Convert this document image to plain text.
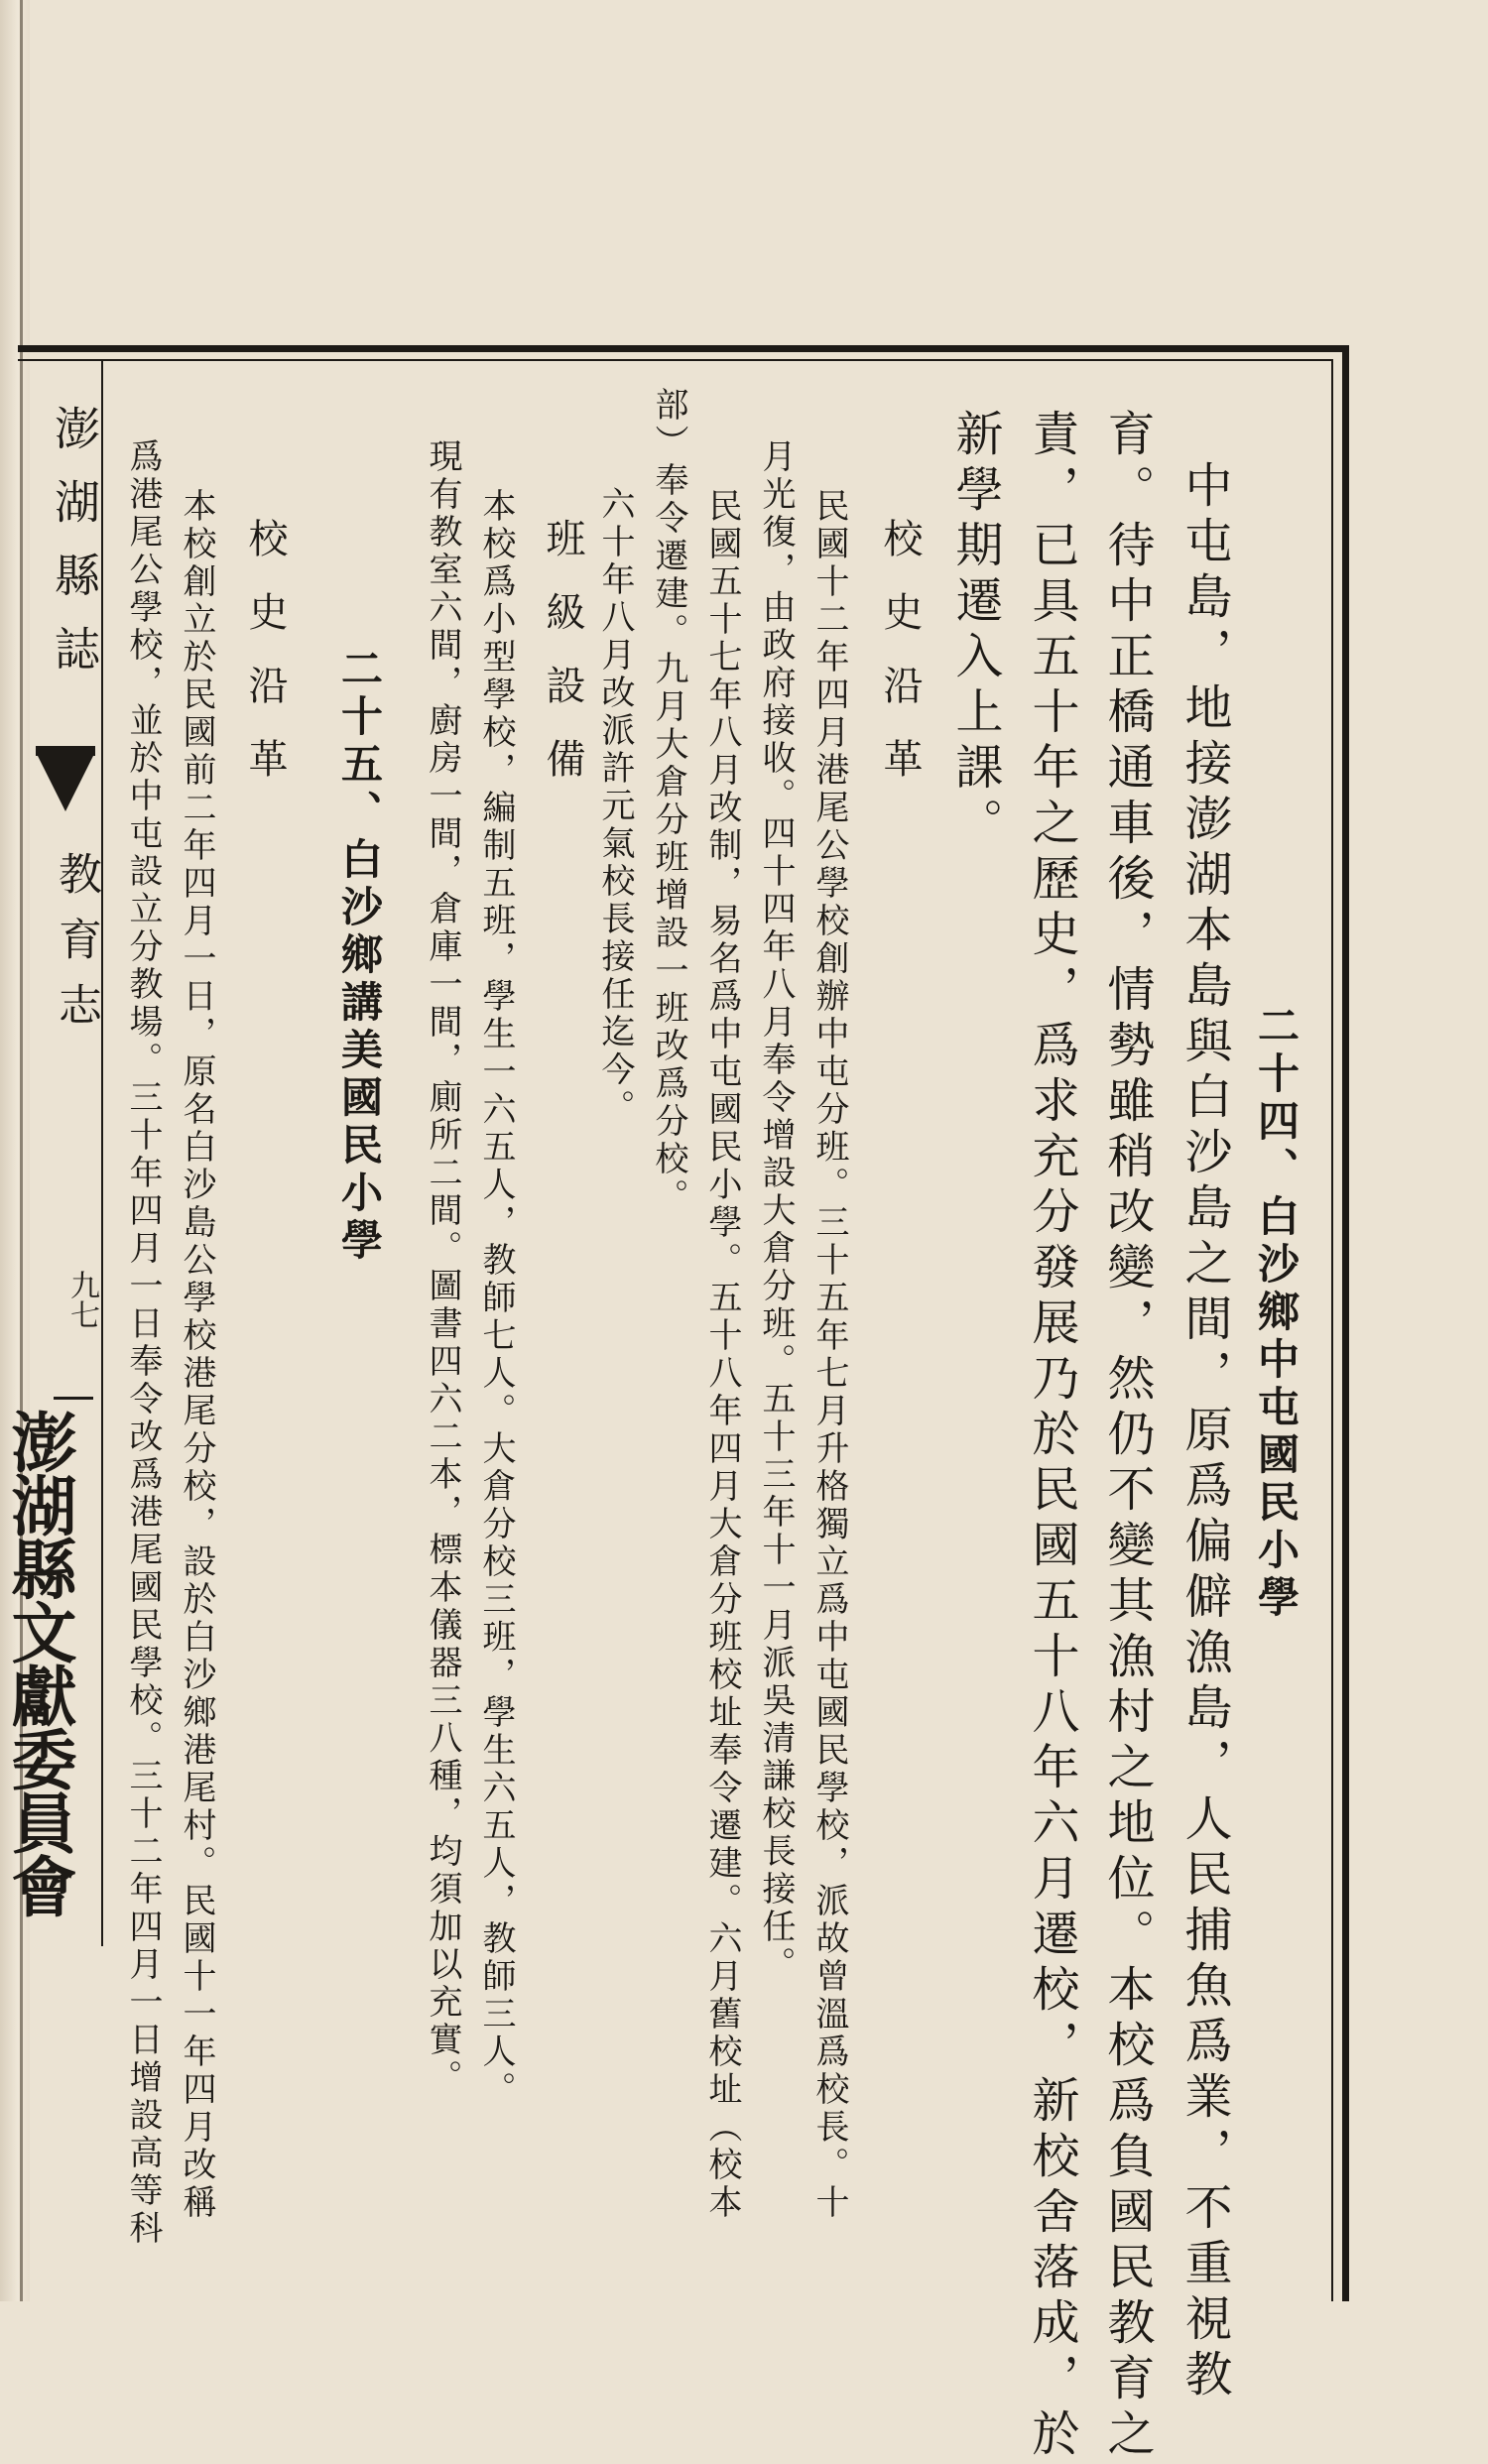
澎湖縣誌
教育志
九七
澎湖縣文獻委員會
二十四、白沙鄉中屯國民小學
中屯島，地接澎湖本島與白沙島之間，原爲偏僻漁島，人民捕魚爲業，不重視教
育。待中正橋通車後，情勢雖稍改變，然仍不變其漁村之地位。本校爲負國民教育之
責，已具五十年之歷史，爲求充分發展乃於民國五十八年六月遷校，新校舍落成，於
新學期遷入上課。
校史沿革
民國十二年四月港尾公學校創辦中屯分班。三十五年七月升格獨立爲中屯國民學校，派故曾溫爲校長。十
月光復，由政府接收。四十四年八月奉令增設大倉分班。五十三年十一月派吳清謙校長接任。
民國五十七年八月改制，易名爲中屯國民小學。五十八年四月大倉分班校址奉令遷建。六月舊校址（校本
部）奉令遷建。九月大倉分班增設一班改爲分校。
六十年八月改派許元氣校長接任迄今。
班級設備
本校爲小型學校，編制五班，學生一六五人，教師七人。大倉分校三班，學生六五人，教師三人。
現有教室六間，廚房一間，倉庫一間，廁所二間。圖書四六二本，標本儀器三八種，均須加以充實。
二十五、白沙鄉講美國民小學
校史沿革
本校創立於民國前二年四月一日，原名白沙島公學校港尾分校，設於白沙鄉港尾村。民國十一年四月改稱
爲港尾公學校，並於中屯設立分教場。三十年四月一日奉令改爲港尾國民學校。三十二年四月一日增設高等科
